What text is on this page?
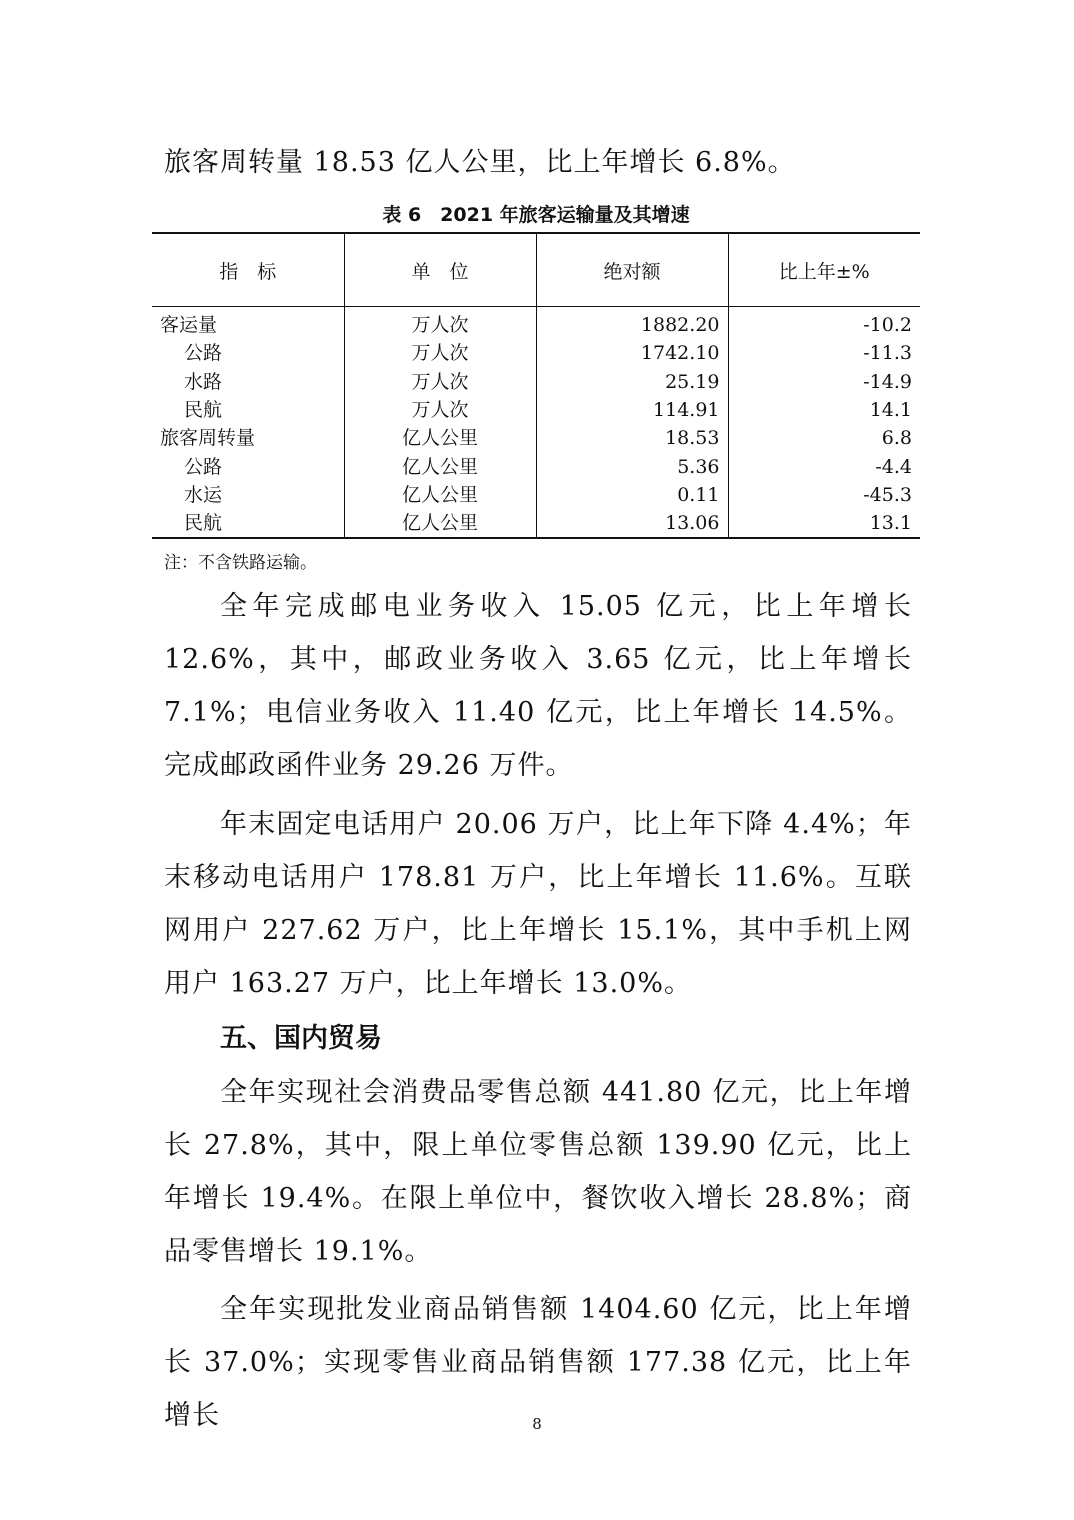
旅客周转量 18.53 亿人公里，比上年增长 6.8%。

表 6　2021 年旅客运输量及其增速
指　标	单　位	绝对额	比上年±%
客运量	万人次	1882.20	-10.2
公路	万人次	1742.10	-11.3
水路	万人次	25.19	-14.9
民航	万人次	114.91	14.1
旅客周转量	亿人公里	18.53	6.8
公路	亿人公里	5.36	-4.4
水运	亿人公里	0.11	-45.3
民航	亿人公里	13.06	13.1
注：不含铁路运输。

全年完成邮电业务收入 15.05 亿元，比上年增长 12.6%，其中，邮政业务收入 3.65 亿元，比上年增长 7.1%；电信业务收入 11.40 亿元，比上年增长 14.5%。完成邮政函件业务 29.26 万件。

年末固定电话用户 20.06 万户，比上年下降 4.4%；年末移动电话用户 178.81 万户，比上年增长 11.6%。互联网用户 227.62 万户，比上年增长 15.1%，其中手机上网用户 163.27 万户，比上年增长 13.0%。

五、国内贸易

全年实现社会消费品零售总额 441.80 亿元，比上年增长 27.8%，其中，限上单位零售总额 139.90 亿元，比上年增长 19.4%。在限上单位中，餐饮收入增长 28.8%；商品零售增长 19.1%。

全年实现批发业商品销售额 1404.60 亿元，比上年增长 37.0%；实现零售业商品销售额 177.38 亿元，比上年增长	8
